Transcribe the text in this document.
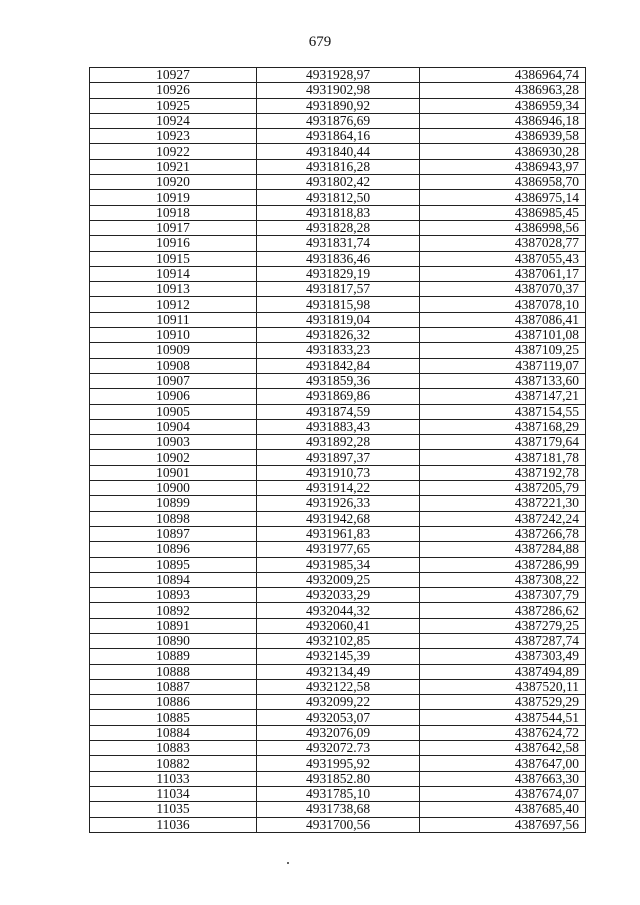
679
10927	4931928,97	4386964,74
10926	4931902,98	4386963,28
10925	4931890,92	4386959,34
10924	4931876,69	4386946,18
10923	4931864,16	4386939,58
10922	4931840,44	4386930,28
10921	4931816,28	4386943,97
10920	4931802,42	4386958,70
10919	4931812,50	4386975,14
10918	4931818,83	4386985,45
10917	4931828,28	4386998,56
10916	4931831,74	4387028,77
10915	4931836,46	4387055,43
10914	4931829,19	4387061,17
10913	4931817,57	4387070,37
10912	4931815,98	4387078,10
10911	4931819,04	4387086,41
10910	4931826,32	4387101,08
10909	4931833,23	4387109,25
10908	4931842,84	4387119,07
10907	4931859,36	4387133,60
10906	4931869,86	4387147,21
10905	4931874,59	4387154,55
10904	4931883,43	4387168,29
10903	4931892,28	4387179,64
10902	4931897,37	4387181,78
10901	4931910,73	4387192,78
10900	4931914,22	4387205,79
10899	4931926,33	4387221,30
10898	4931942,68	4387242,24
10897	4931961,83	4387266,78
10896	4931977,65	4387284,88
10895	4931985,34	4387286,99
10894	4932009,25	4387308,22
10893	4932033,29	4387307,79
10892	4932044,32	4387286,62
10891	4932060,41	4387279,25
10890	4932102,85	4387287,74
10889	4932145,39	4387303,49
10888	4932134,49	4387494,89
10887	4932122,58	4387520,11
10886	4932099,22	4387529,29
10885	4932053,07	4387544,51
10884	4932076,09	4387624,72
10883	4932072.73	4387642,58
10882	4931995,92	4387647,00
11033	4931852.80	4387663,30
11034	4931785,10	4387674,07
11035	4931738,68	4387685,40
11036	4931700,56	4387697,56
